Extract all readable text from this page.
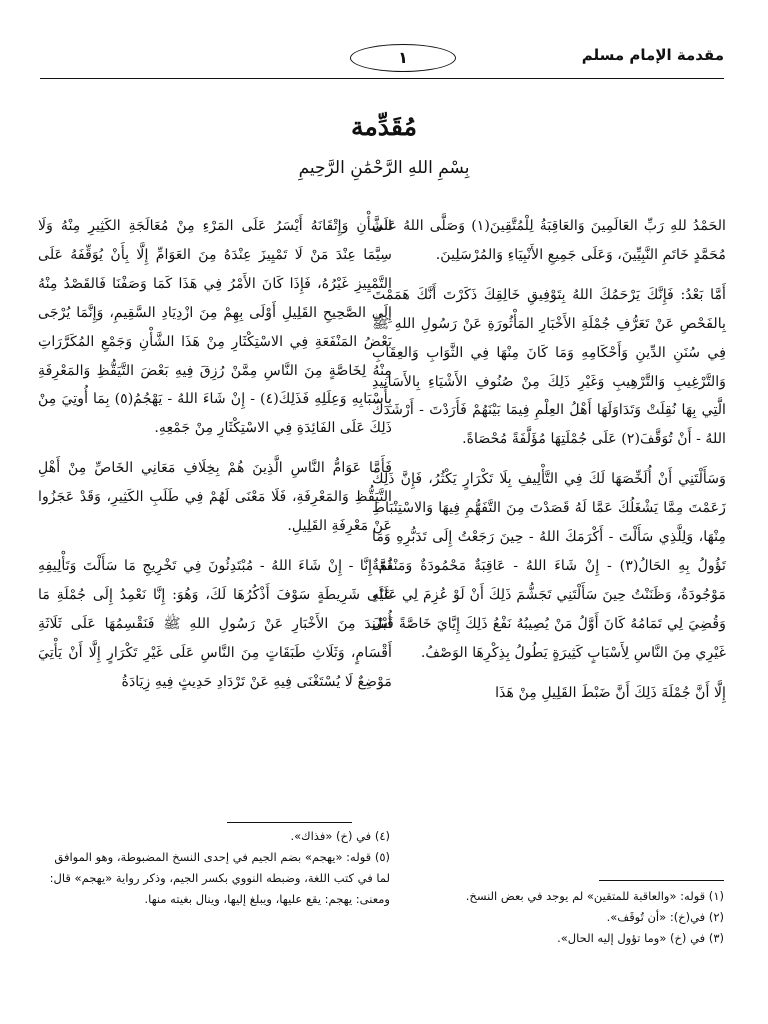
مقدمة الإمام مسلم
١
مُقَدِّمة
بِسْمِ اللهِ الرَّحْمَٰنِ الرَّحِيمِ

الحَمْدُ للهِ رَبِّ العَالَمِينَ وَالعَاقِبَةُ لِلْمُتَّقِينَ(١) وَصَلَّى اللهُ عَلَى مُحَمَّدٍ خَاتَمِ النَّبِيِّينَ، وَعَلَى جَمِيعِ الأَنْبِيَاءِ وَالمُرْسَلِينَ.

أَمَّا بَعْدُ: فَإِنَّكَ يَرْحَمُكَ اللهُ بِتَوْفِيقِ خَالِقِكَ ذَكَرْتَ أَنَّكَ هَمَمْتَ بِالفَحْصِ عَنْ تَعَرُّفِ جُمْلَةِ الأَخْبَارِ المَأْثُورَةِ عَنْ رَسُولِ اللهِ ﷺ فِي سُنَنِ الدِّينِ وَأَحْكَامِهِ وَمَا كَانَ مِنْهَا فِي الثَّوَابِ وَالعِقَابِ وَالتَّرْغِيبِ وَالتَّرْهِيبِ وَغَيْرِ ذَلِكَ مِنْ صُنُوفِ الأَشْيَاءِ بِالأَسَانِيدِ الَّتِي بِهَا نُقِلَتْ وَتَدَاوَلَهَا أَهْلُ العِلْمِ فِيمَا بَيْنَهُمْ فَأَرَدْتَ - أَرْشَدَكَ اللهُ - أَنْ تُوَقَّفَ(٢) عَلَى جُمْلَتِهَا مُؤَلَّفَةً مُحْصَاةً.

وَسَأَلْتَنِي أَنْ أُلَخِّصَهَا لَكَ فِي التَّأْلِيفِ بِلَا تَكْرَارٍ يَكْثُرُ، فَإِنَّ ذَلِكَ زَعَمْتَ مِمَّا يَشْغَلُكَ عَمَّا لَهُ قَصَدْتَ مِنَ التَّفَهُّمِ فِيهَا وَالاسْتِنْبَاطِ مِنْهَا، وَلِلَّذِي سَأَلْتَ - أَكْرَمَكَ اللهُ - حِينَ رَجَعْتُ إِلَى تَدَبُّرِهِ وَمَا تَؤُولُ بِهِ الحَالُ(٣) - إِنْ شَاءَ اللهُ - عَاقِبَةٌ مَحْمُودَةٌ وَمَنْفَعَةٌ مَوْجُودَةٌ، وَظَنَنْتُ حِينَ سَأَلْتَنِي تَجَشُّمَ ذَلِكَ أَنْ لَوْ عُزِمَ لِي عَلَيْهِ وَقُضِيَ لِي تَمَامُهُ كَانَ أَوَّلُ مَنْ يُصِيبُهُ نَفْعُ ذَلِكَ إِيَّايَ خَاصَّةً قَبْلَ غَيْرِي مِنَ النَّاسِ لِأَسْبَابٍ كَثِيرَةٍ يَطُولُ بِذِكْرِهَا الوَصْفُ.

إِلَّا أَنَّ جُمْلَةَ ذَلِكَ أَنَّ ضَبْطَ القَلِيلِ مِنْ هَذَا

الشَّأْنِ وَإِتْقَانَهُ أَيْسَرُ عَلَى المَرْءِ مِنْ مُعَالَجَةِ الكَثِيرِ مِنْهُ وَلَا سِيَّمَا عِنْدَ مَنْ لَا تَمْيِيزَ عِنْدَهُ مِنَ العَوَامِّ إِلَّا بِأَنْ يُوَقِّفَهُ عَلَى التَّمْيِيزِ غَيْرُهُ، فَإِذَا كَانَ الأَمْرُ فِي هَذَا كَمَا وَصَفْنَا فَالقَصْدُ مِنْهُ إِلَى الصَّحِيحِ القَلِيلِ أَوْلَى بِهِمْ مِنَ ازْدِيَادِ السَّقِيمِ، وَإِنَّمَا يُرْجَى بَعْضُ المَنْفَعَةِ فِي الاسْتِكْثَارِ مِنْ هَذَا الشَّأْنِ وَجَمْعِ المُكَرَّرَاتِ مِنْهُ لِخَاصَّةٍ مِنَ النَّاسِ مِمَّنْ رُزِقَ فِيهِ بَعْضَ التَّيَقُّظِ وَالمَعْرِفَةِ بِأَسْبَابِهِ وَعِلَلِهِ فَذَلِكَ(٤) - إِنْ شَاءَ اللهُ - يَهْجُمُ(٥) بِمَا أُوتِيَ مِنْ ذَلِكَ عَلَى الفَائِدَةِ فِي الاسْتِكْثَارِ مِنْ جَمْعِهِ.

فَأَمَّا عَوَامُّ النَّاسِ الَّذِينَ هُمْ بِخِلَافِ مَعَانِي الخَاصِّ مِنْ أَهْلِ التَّيَقُّظِ وَالمَعْرِفَةِ، فَلَا مَعْنَى لَهُمْ فِي طَلَبِ الكَثِيرِ، وَقَدْ عَجَزُوا عَنْ مَعْرِفَةِ القَلِيلِ.

ثُمَّ إِنَّا - إِنْ شَاءَ اللهُ - مُبْتَدِئُونَ فِي تَخْرِيجِ مَا سَأَلْتَ وَتَأْلِيفِهِ عَلَى شَرِيطَةٍ سَوْفَ أَذْكُرُهَا لَكَ، وَهُوَ: إِنَّا نَعْمِدُ إِلَى جُمْلَةِ مَا أُسْنِدَ مِنَ الأَخْبَارِ عَنْ رَسُولِ اللهِ ﷺ فَنَقْسِمُهَا عَلَى ثَلَاثَةِ أَقْسَامٍ، وَثَلَاثِ طَبَقَاتٍ مِنَ النَّاسِ عَلَى غَيْرِ تَكْرَارٍ إِلَّا أَنْ يَأْتِيَ مَوْضِعٌ لَا يُسْتَغْنَى فِيهِ عَنْ تَرْدَادِ حَدِيثٍ فِيهِ زِيَادَةُ

(٤) في (خ) «فذاك».
(٥) قوله: «يهجم» بضم الجيم في إحدى النسخ المضبوطة، وهو الموافق لما في كتب اللغة، وضبطه النووي بكسر الجيم، وذكر رواية «يهجم» قال: ومعنى: يهجم: يقع عليها، ويبلغ إليها، وينال بغيته منها.	(١) قوله: «والعاقبة للمتقين» لم يوجد في بعض النسخ.
(٢) في(خ): «أن تُوقَف».
(٣) في (خ) «وما تؤول إليه الحال».
